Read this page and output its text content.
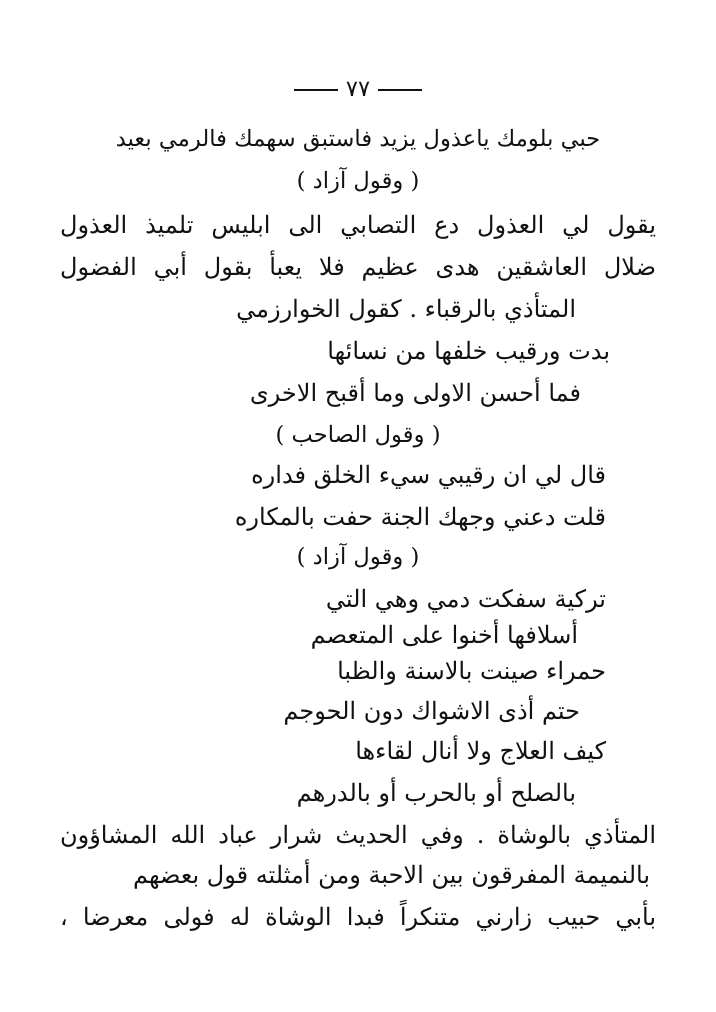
٧٧
حبي بلومك ياعذول يزيد فاستبق سهمك فالرمي بعيد
( وقول آزاد )
يقول لي العذول دع التصابي الى ابليس تلميذ العذول
ضلال العاشقين هدى عظيم فلا يعبأ بقول أبي الفضول
المتأذي بالرقباء . كقول الخوارزمي
بدت ورقيب خلفها من نسائها
فما أحسن الاولى وما أقبح الاخرى
( وقول الصاحب )
قال لي ان رقيبي سيء الخلق فداره
قلت دعني وجهك الجنة حفت بالمكاره
( وقول آزاد )
تركية سفكت دمي وهي التي
أسلافها أخنوا على المتعصم
حمراء صينت بالاسنة والظبا
حتم أذى الاشواك دون الحوجم
كيف العلاج ولا أنال لقاءها
بالصلح أو بالحرب أو بالدرهم
المتأذي بالوشاة . وفي الحديث شرار عباد الله المشاؤون
بالنميمة المفرقون بين الاحبة ومن أمثلته قول بعضهم
بأبي حبيب زارني متنكراً فبدا الوشاة له فولى معرضا ،
